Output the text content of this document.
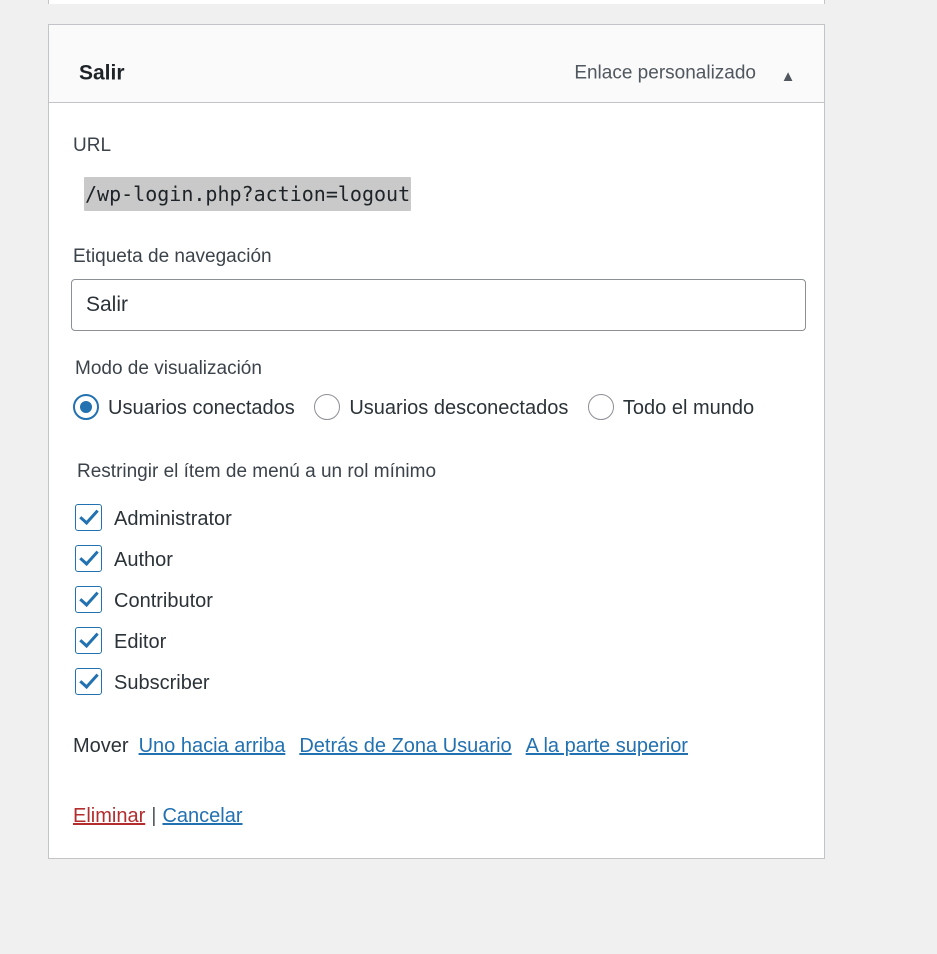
Salir	Enlace personalizado	▲
URL
/wp-login.php?action=logout
Etiqueta de navegación
Salir
Modo de visualización
Usuarios conectados	Usuarios desconectados	Todo el mundo
Restringir el ítem de menú a un rol mínimo
Administrator
Author
Contributor
Editor
Subscriber
Mover Uno hacia arriba Detrás de Zona Usuario A la parte superior
Eliminar | Cancelar
